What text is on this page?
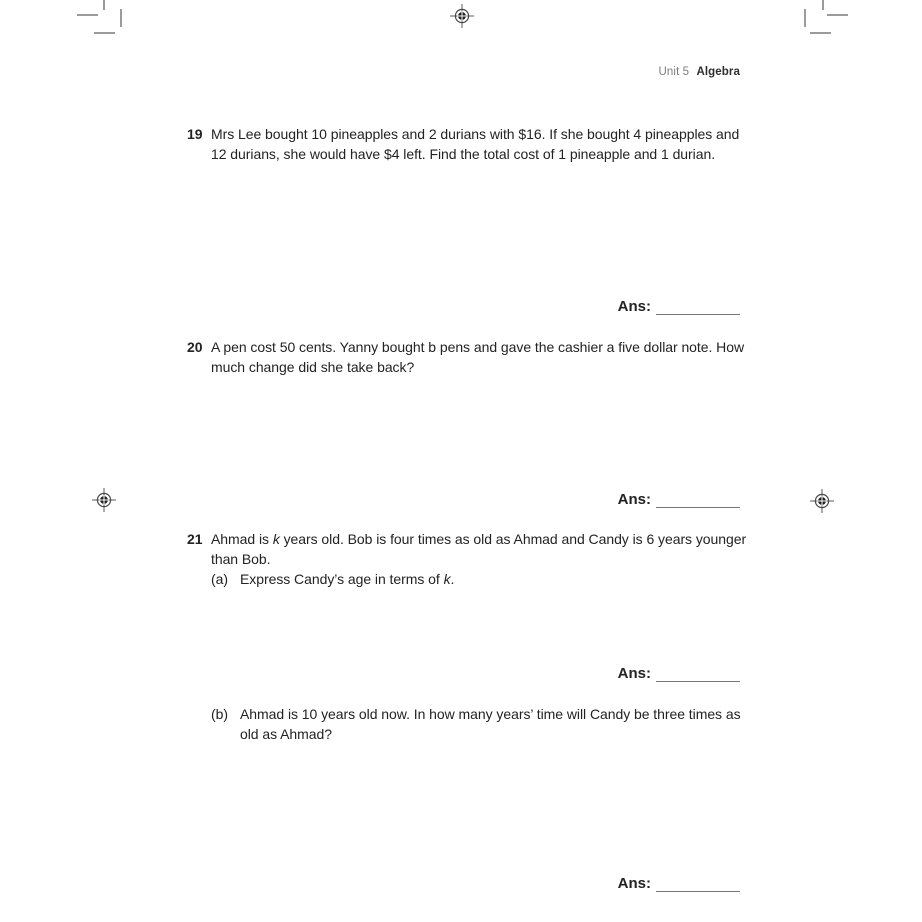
Unit 5 Algebra
19 Mrs Lee bought 10 pineapples and 2 durians with $16. If she bought 4 pineapples and 12 durians, she would have $4 left. Find the total cost of 1 pineapple and 1 durian.
Ans:
20 A pen cost 50 cents. Yanny bought b pens and gave the cashier a five dollar note. How much change did she take back?
Ans:
21 Ahmad is k years old. Bob is four times as old as Ahmad and Candy is 6 years younger than Bob.
(a) Express Candy’s age in terms of k.
Ans:
(b) Ahmad is 10 years old now. In how many years’ time will Candy be three times as old as Ahmad?
Ans:
